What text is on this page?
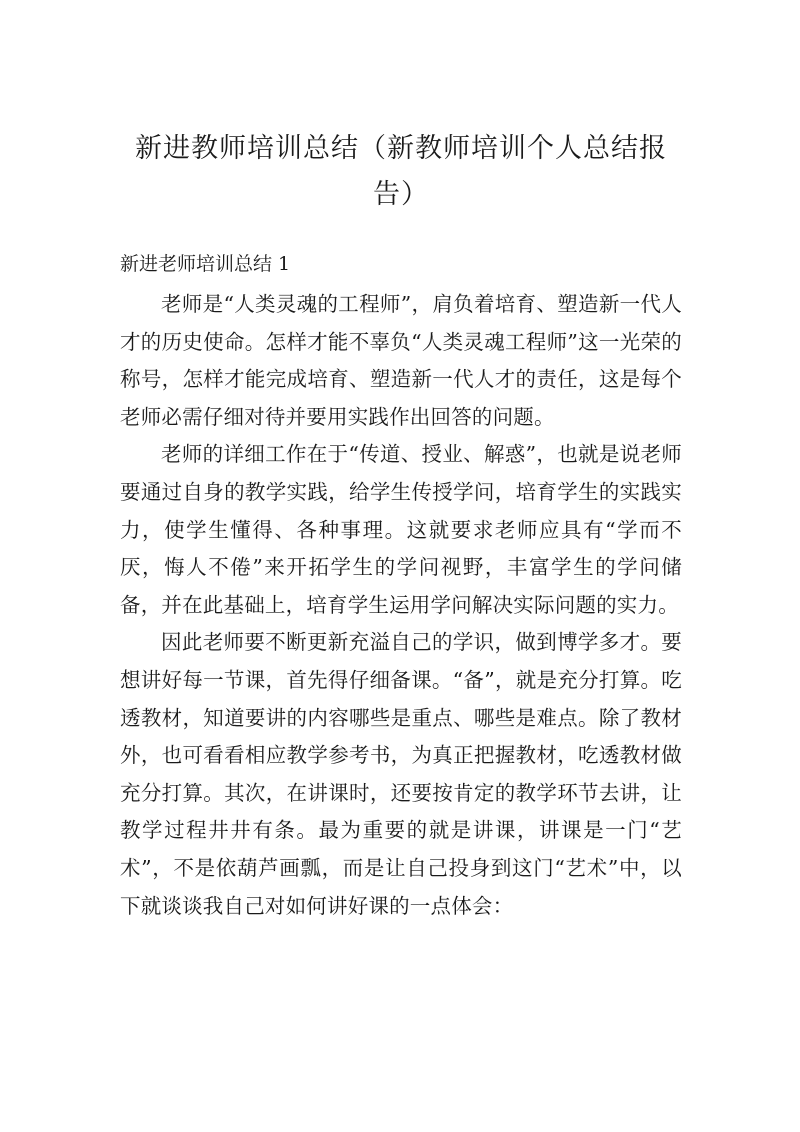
新进教师培训总结（新教师培训个人总结报告）

新进老师培训总结 1

老师是“人类灵魂的工程师”，肩负着培育、塑造新一代人才的历史使命。怎样才能不辜负“人类灵魂工程师”这一光荣的称号，怎样才能完成培育、塑造新一代人才的责任，这是每个老师必需仔细对待并要用实践作出回答的问题。

老师的详细工作在于“传道、授业、解惑”，也就是说老师要通过自身的教学实践，给学生传授学问，培育学生的实践实力，使学生懂得、各种事理。这就要求老师应具有“学而不厌，悔人不倦”来开拓学生的学问视野，丰富学生的学问储备，并在此基础上，培育学生运用学问解决实际问题的实力。

因此老师要不断更新充溢自己的学识，做到博学多才。要想讲好每一节课，首先得仔细备课。“备”，就是充分打算。吃透教材，知道要讲的内容哪些是重点、哪些是难点。除了教材外，也可看看相应教学参考书，为真正把握教材，吃透教材做充分打算。其次，在讲课时，还要按肯定的教学环节去讲，让教学过程井井有条。最为重要的就是讲课，讲课是一门“艺术”，不是依葫芦画瓢，而是让自己投身到这门“艺术”中，以下就谈谈我自己对如何讲好课的一点体会：
